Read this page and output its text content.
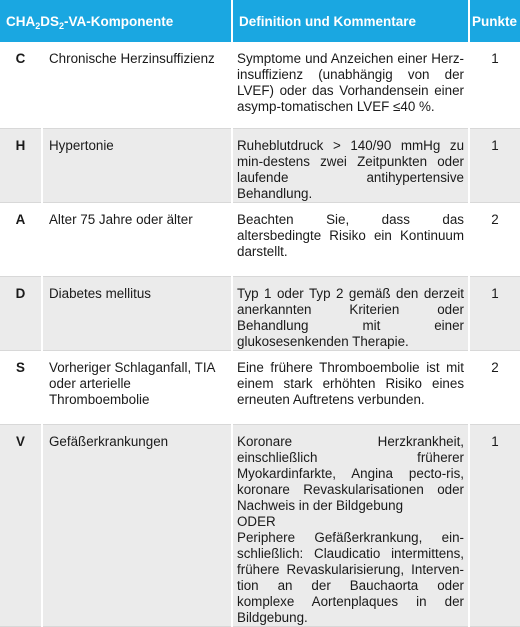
$CHA_2DS_2-VA$-Komponente		Definition und Kommentare	Punkte
C	Chronische Herzinsuffizienz	Symptome und Anzeichen einer Herz-insuffizienz (unabhängig von der LVEF) oder das Vorhandensein einer asymp-tomatischen LVEF ≤40 %.	1
H	Hypertonie	Ruheblutdruck > 140/90 mmHg zu min-destens zwei Zeitpunkten oder laufende antihypertensive Behandlung.	1
A	Alter 75 Jahre oder älter	Beachten Sie, dass das altersbedingte Risiko ein Kontinuum darstellt.	2
D	Diabetes mellitus	Typ 1 oder Typ 2 gemäß den derzeit anerkannten Kriterien oder Behandlung mit einer glukosesenkenden Therapie.	1
S	Vorheriger Schlaganfall, TIA oder arterielle Thromboembolie	Eine frühere Thromboembolie ist mit einem stark erhöhten Risiko eines erneuten Auftretens verbunden.	2
V	Gefäßerkrankungen	Koronare Herzkrankheit, einschließlich früherer Myokardinfarkte, Angina pecto-ris, koronare Revaskularisationen oder Nachweis in der Bildgebung
ODER
Periphere Gefäßerkrankung, ein-schließlich: Claudicatio intermittens, frühere Revaskularisierung, Interven-tion an der Bauchaorta oder komplexe Aortenplaques in der Bildgebung.	1
